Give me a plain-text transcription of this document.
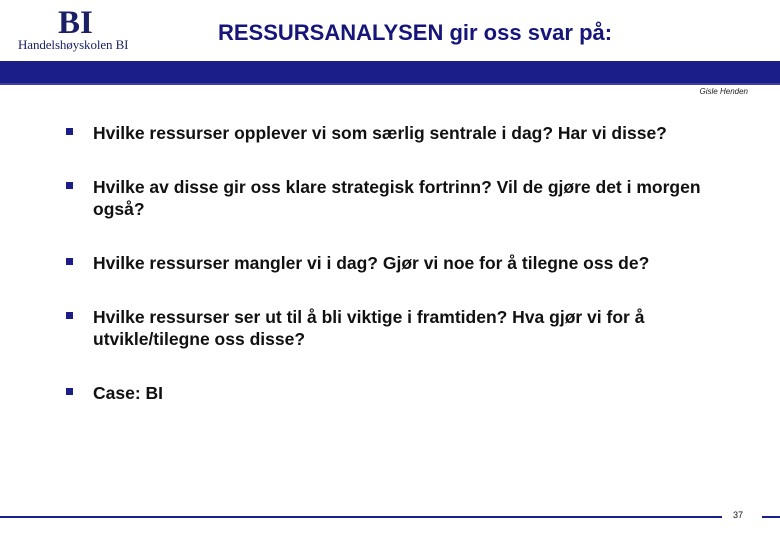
BI
Handelshøyskolen BI	RESSURSANALYSEN gir oss svar på:
Gisle Henden
Hvilke ressurser opplever vi som særlig sentrale i dag? Har vi disse?
Hvilke av disse gir oss klare strategisk fortrinn? Vil de gjøre det i morgen også?
Hvilke ressurser mangler vi i dag? Gjør vi noe for å tilegne oss de?
Hvilke ressurser ser ut til å bli viktige i framtiden? Hva gjør vi for å utvikle/tilegne oss disse?
Case: BI
37
